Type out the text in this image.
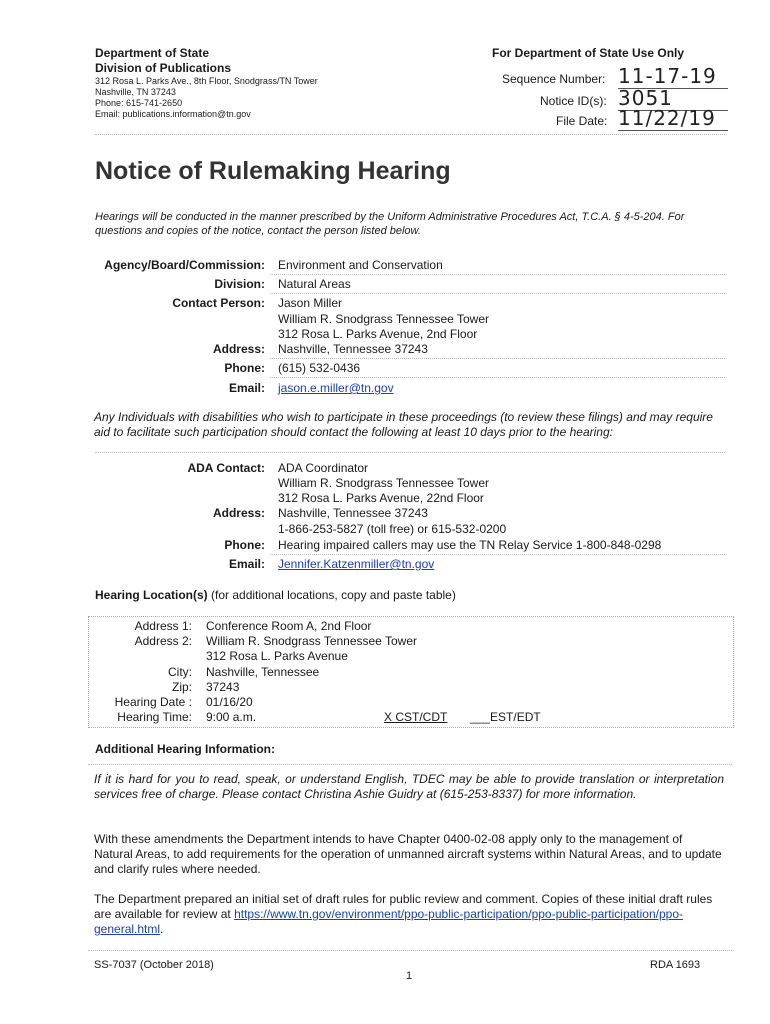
Department of State
Division of Publications
312 Rosa L. Parks Ave., 8th Floor, Snodgrass/TN Tower
Nashville, TN 37243
Phone: 615-741-2650
Email: publications.information@tn.gov
For Department of State Use Only
Sequence Number: 11-17-19
Notice ID(s): 3051
File Date: 11/22/19
Notice of Rulemaking Hearing
Hearings will be conducted in the manner prescribed by the Uniform Administrative Procedures Act, T.C.A. § 4-5-204. For questions and copies of the notice, contact the person listed below.
Agency/Board/Commission: Environment and Conservation
Division: Natural Areas
Contact Person: Jason Miller
William R. Snodgrass Tennessee Tower
312 Rosa L. Parks Avenue, 2nd Floor
Address: Nashville, Tennessee 37243
Phone: (615) 532-0436
Email: jason.e.miller@tn.gov
Any Individuals with disabilities who wish to participate in these proceedings (to review these filings) and may require aid to facilitate such participation should contact the following at least 10 days prior to the hearing:
ADA Contact: ADA Coordinator
William R. Snodgrass Tennessee Tower
312 Rosa L. Parks Avenue, 22nd Floor
Address: Nashville, Tennessee 37243
1-866-253-5827 (toll free) or 615-532-0200
Phone: Hearing impaired callers may use the TN Relay Service 1-800-848-0298
Email: Jennifer.Katzenmiller@tn.gov
Hearing Location(s) (for additional locations, copy and paste table)
Address 1: Conference Room A, 2nd Floor
Address 2: William R. Snodgrass Tennessee Tower
312 Rosa L. Parks Avenue
City: Nashville, Tennessee
Zip: 37243
Hearing Date : 01/16/20
Hearing Time: 9:00 a.m.	X CST/CDT ___EST/EDT
Additional Hearing Information:
If it is hard for you to read, speak, or understand English, TDEC may be able to provide translation or interpretation services free of charge. Please contact Christina Ashie Guidry at (615-253-8337) for more information.
With these amendments the Department intends to have Chapter 0400-02-08 apply only to the management of Natural Areas, to add requirements for the operation of unmanned aircraft systems within Natural Areas, and to update and clarify rules where needed.
The Department prepared an initial set of draft rules for public review and comment. Copies of these initial draft rules are available for review at https://www.tn.gov/environment/ppo-public-participation/ppo-public-participation/ppo-general.html.
SS-7037 (October 2018)
1
RDA 1693
